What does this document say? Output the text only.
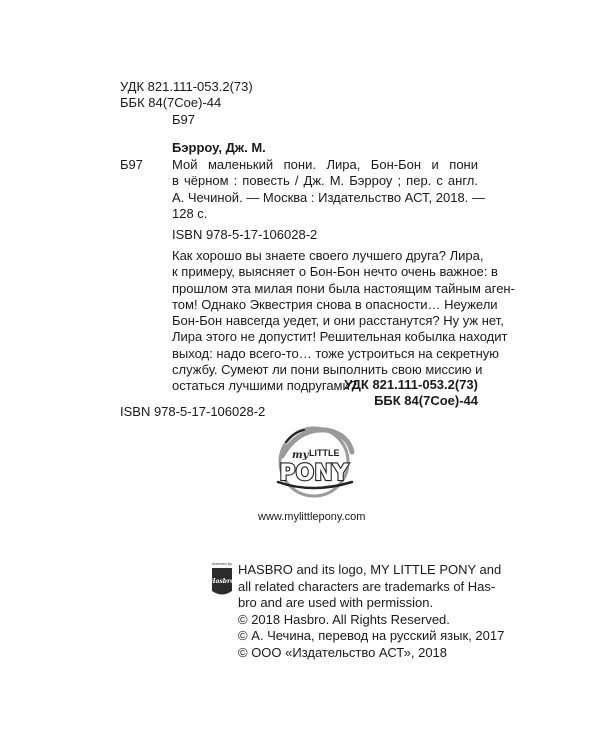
УДК 821.111-053.2(73)
ББК 84(7Сое)-44
Б97
Бэрроу, Дж. М.
Б97 Мой маленький пони. Лира, Бон-Бон и пони
в чёрном : повесть / Дж. М. Бэрроу ; пер. с англ.
А. Чечиной. — Москва : Издательство АСТ, 2018. —
128 с.
ISBN 978-5-17-106028-2
Как хорошо вы знаете своего лучшего друга? Лира,
к примеру, выясняет о Бон-Бон нечто очень важное: в
прошлом эта милая пони была настоящим тайным аген-
том! Однако Эквестрия снова в опасности… Неужели
Бон-Бон навсегда уедет, и они расстанутся? Ну уж нет,
Лира этого не допустит! Решительная кобылка находит
выход: надо всего-то… тоже устроиться на секретную
службу. Сумеют ли пони выполнить свою миссию и
остаться лучшими подругами?
УДК 821.111-053.2(73)
ББК 84(7Сое)-44
ISBN 978-5-17-106028-2
my LITTLE
PONY
www.mylittlepony.com
licensed by
Hasbro
HASBRO and its logo, MY LITTLE PONY and
all related characters are trademarks of Has-
bro and are used with permission.
© 2018 Hasbro. All Rights Reserved.
© А. Чечина, перевод на русский язык, 2017
© ООО «Издательство АСТ», 2018
